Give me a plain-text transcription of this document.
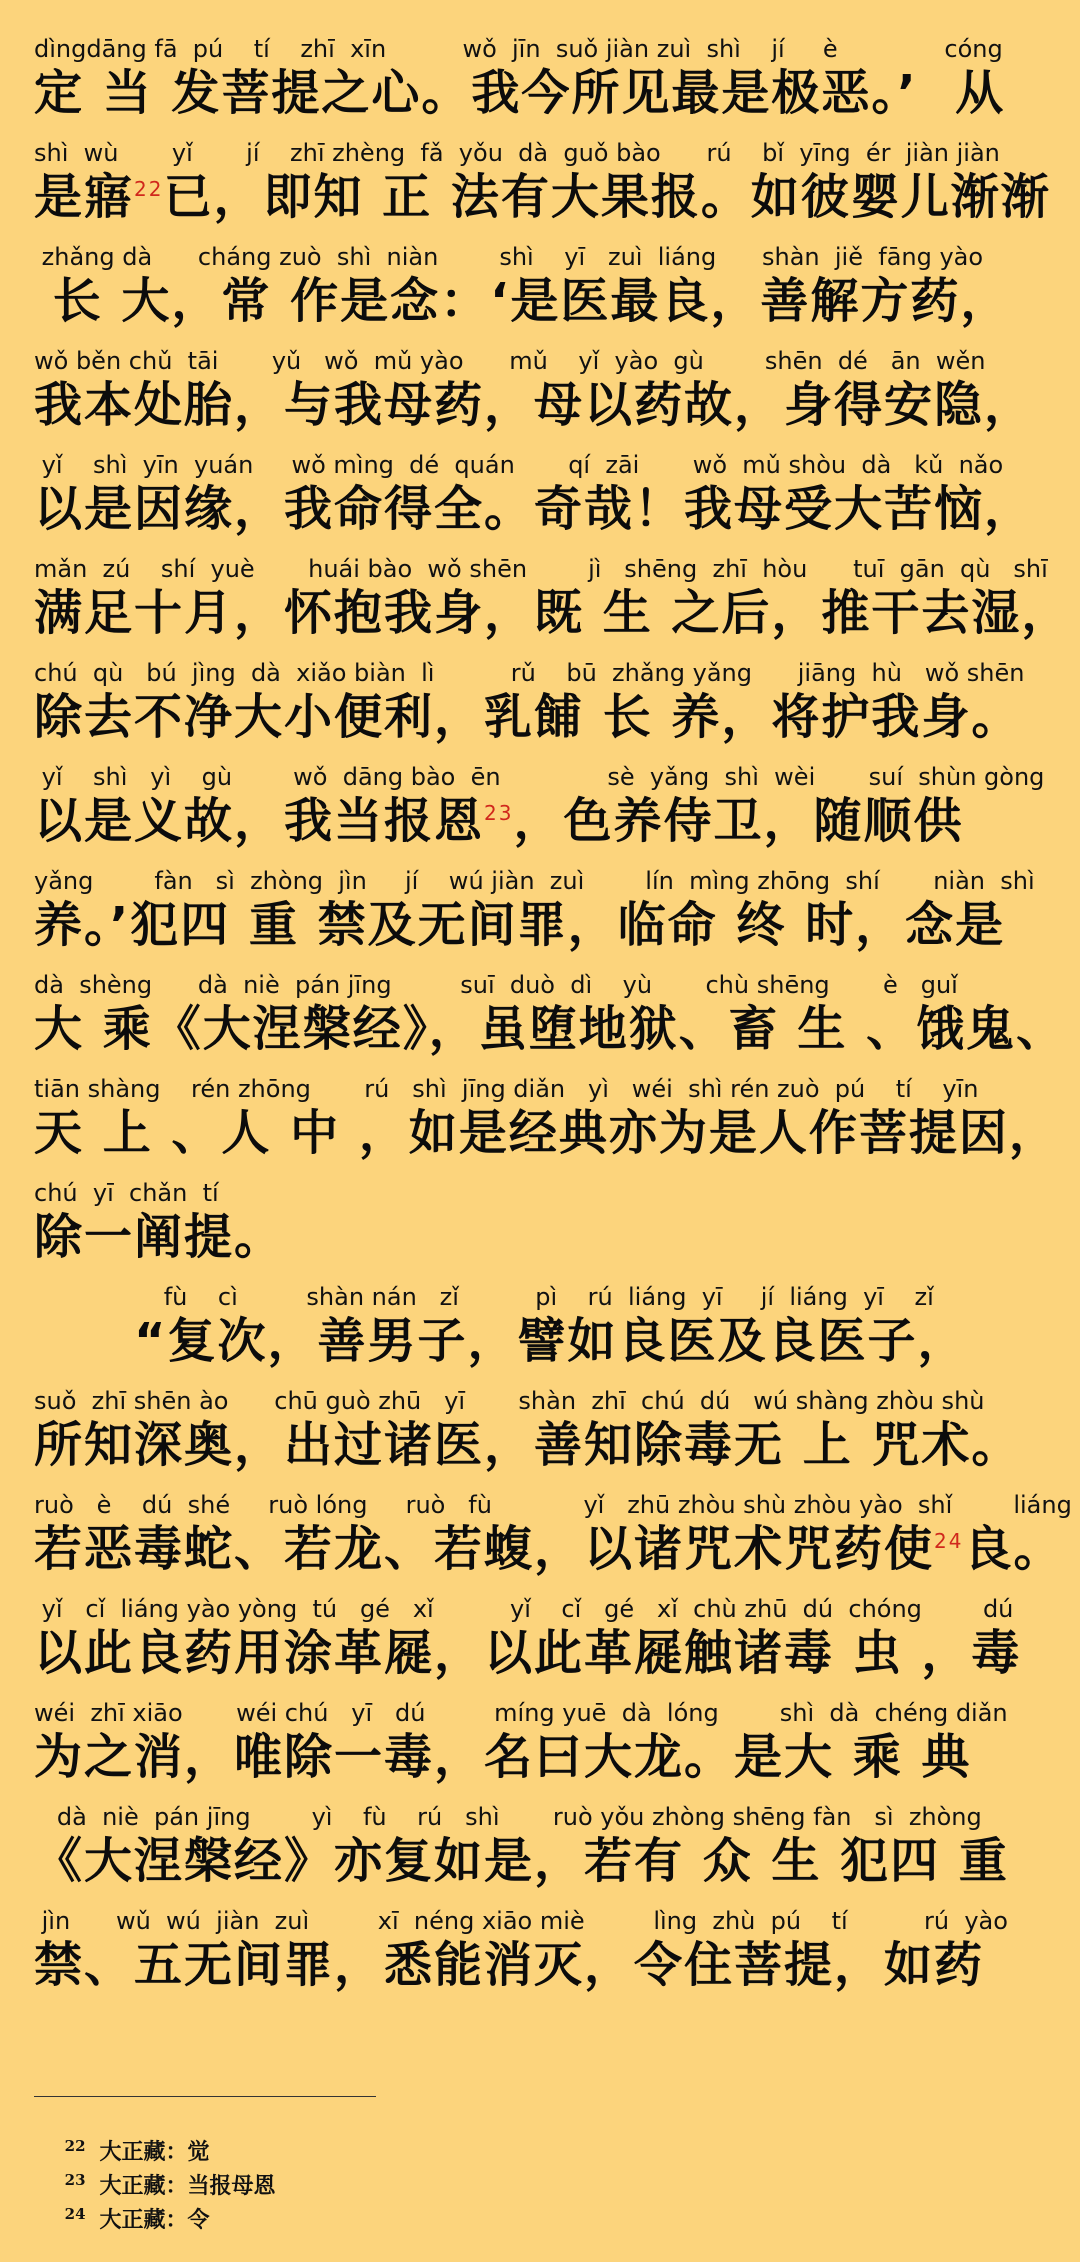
dìngdāng fā  pú    tí    zhī  xīn          wǒ  jīn  suǒ jiàn zuì  shì    jí     è              cóng
定 当 发菩提之心。我今所见最是极恶。’  从
shì  wù       yǐ       jí    zhī zhèng  fǎ  yǒu  dà  guǒ bào      rú    bǐ  yīng  ér  jiàn jiàn
是寤$^{22}$已，即知 正 法有大果报。如彼婴儿渐渐
zhǎng dà      cháng zuò  shì  niàn        shì    yī   zuì  liáng      shàn  jiě  fāng yào
长 大，常 作是念：‘是医最良，善解方药，
wǒ běn chǔ  tāi       yǔ   wǒ  mǔ yào      mǔ    yǐ  yào  gù        shēn  dé   ān  wěn
我本处胎，与我母药，母以药故，身得安隐，
yǐ    shì  yīn  yuán     wǒ mìng  dé  quán       qí  zāi       wǒ  mǔ shòu  dà   kǔ  nǎo
以是因缘，我命得全。奇哉！我母受大苦恼，
mǎn  zú    shí  yuè       huái bào  wǒ shēn        jì   shēng  zhī  hòu      tuī  gān  qù   shī
满足十月，怀抱我身，既 生 之后，推干去湿，
chú  qù   bú  jìng  dà  xiǎo biàn  lì          rǔ    bū  zhǎng yǎng      jiāng  hù   wǒ shēn
除去不净大小便利，乳餔 长 养，将护我身。
yǐ    shì   yì    gù        wǒ  dāng bào  ēn              sè  yǎng  shì  wèi       suí  shùn gòng
以是义故，我当报恩$^{23}$，色养侍卫，随顺供
yǎng        fàn   sì  zhòng  jìn     jí    wú jiàn  zuì        lín  mìng zhōng  shí       niàn  shì
养。’犯四 重 禁及无间罪，临命 终 时，念是
dà  shèng      dà  niè  pán jīng         suī  duò  dì    yù       chù shēng       è   guǐ
大 乘《大涅槃经》，虽堕地狱、畜 生 、饿鬼、
tiān shàng    rén zhōng       rú   shì  jīng diǎn   yì   wéi  shì rén zuò  pú    tí    yīn
天 上 、人 中 ，如是经典亦为是人作菩提因，
chú  yī  chǎn  tí
除一阐提。
fù    cì         shàn nán   zǐ          pì    rú  liáng  yī     jí  liáng  yī    zǐ
　　“复次，善男子，譬如良医及良医子，
suǒ  zhī shēn ào      chū guò zhū   yī       shàn  zhī  chú  dú   wú shàng zhòu shù
所知深奥，出过诸医，善知除毒无 上 咒术。
ruò   è    dú  shé     ruò lóng     ruò   fù            yǐ   zhū zhòu shù zhòu yào  shǐ        liáng
若恶毒蛇、若龙、若蝮，以诸咒术咒药使$^{24}$良。
yǐ   cǐ  liáng yào yòng  tú   gé   xǐ          yǐ    cǐ   gé   xǐ  chù zhū  dú  chóng        dú
以此良药用涂革屣，以此革屣触诸毒 虫 ，毒
wéi  zhī xiāo       wéi chú   yī   dú         míng yuē  dà  lóng        shì  dà  chéng diǎn
为之消，唯除一毒，名曰大龙。是大 乘 典
dà  niè  pán jīng        yì    fù    rú   shì       ruò yǒu zhòng shēng fàn   sì  zhòng
《大涅槃经》亦复如是，若有 众 生 犯四 重
jìn      wǔ  wú  jiàn  zuì         xī  néng xiāo miè         lìng  zhù  pú    tí          rú  yào
禁、五无间罪，悉能消灭，令住菩提，如药

$^{22}$ 大正藏：觉

$^{23}$ 大正藏：当报母恩

$^{24}$ 大正藏：令
